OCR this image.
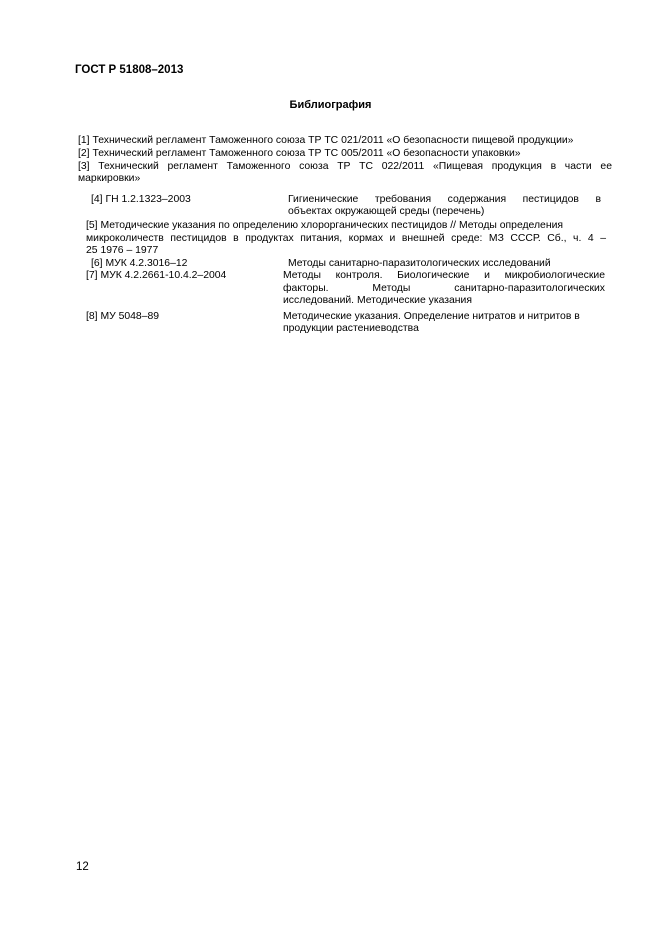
ГОСТ Р 51808–2013
Библиография
[1] Технический регламент Таможенного союза ТР ТС 021/2011 «О безопасности пищевой продукции»
[2] Технический регламент Таможенного союза ТР ТС 005/2011 «О безопасности упаковки»
[3] Технический регламент Таможенного союза ТР ТС 022/2011 «Пищевая продукция в части ее
маркировки»
[4] ГН 1.2.1323–2003	Гигиенические требования содержания пестицидов в
объектах окружающей среды (перечень)
[5] Методические указания по определению хлорорганических пестицидов // Методы определения
микроколичеств пестицидов в продуктах питания, кормах и внешней среде: МЗ СССР. Сб., ч. 4 –
25 1976 – 1977
[6] МУК 4.2.3016–12	Методы санитарно-паразитологических исследований
[7] МУК 4.2.2661-10.4.2–2004	Методы контроля. Биологические и микробиологические
факторы. Методы санитарно-паразитологических
исследований. Методические указания
[8] МУ 5048–89	Методические указания. Определение нитратов и нитритов в
продукции растениеводства
12
